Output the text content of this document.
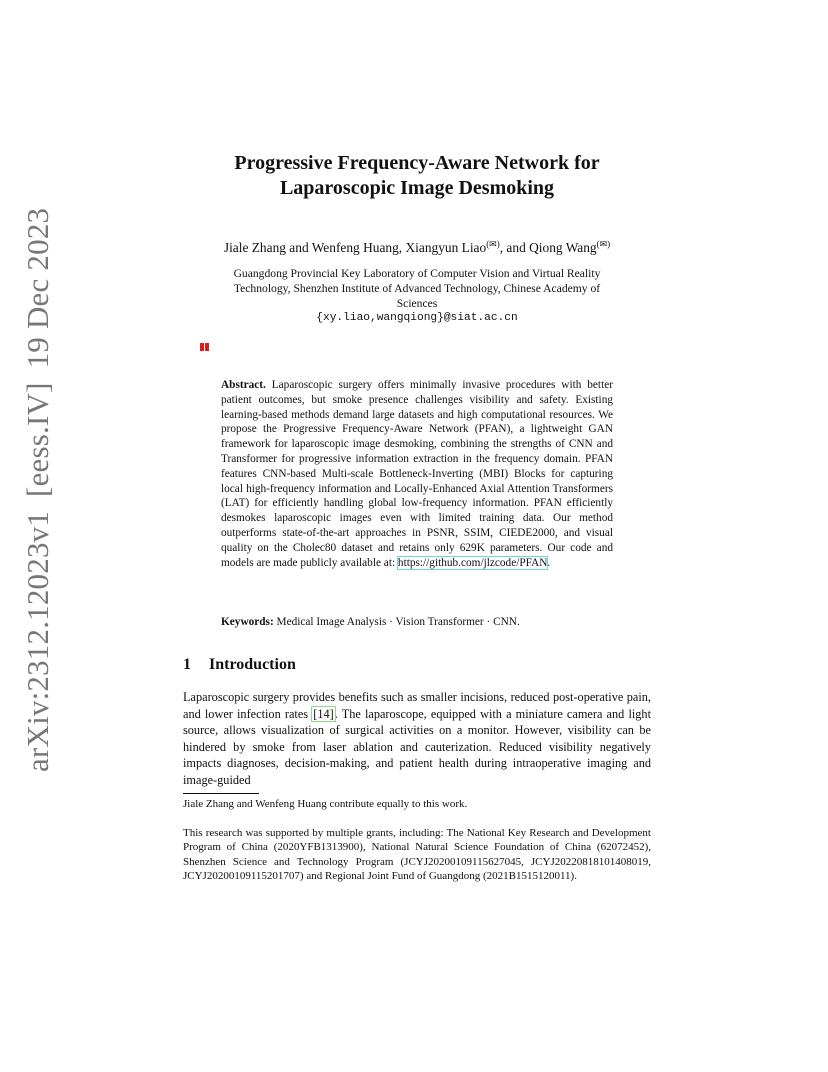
arXiv:2312.12023v1[eess.IV]19 Dec 2023
Progressive Frequency-Aware Network for
Laparoscopic Image Desmoking
Jiale Zhang and Wenfeng Huang, Xiangyun Liao(✉), and Qiong Wang(✉)
Guangdong Provincial Key Laboratory of Computer Vision and Virtual Reality
Technology, Shenzhen Institute of Advanced Technology, Chinese Academy of
Sciences
{xy.liao,wangqiong}@siat.ac.cn
Abstract. Laparoscopic surgery offers minimally invasive procedures with better patient outcomes, but smoke presence challenges visibility and safety. Existing learning-based methods demand large datasets and high computational resources. We propose the Progressive Frequency-Aware Network (PFAN), a lightweight GAN framework for laparoscopic image desmoking, combining the strengths of CNN and Transformer for progressive information extraction in the frequency domain. PFAN features CNN-based Multi-scale Bottleneck-Inverting (MBI) Blocks for capturing local high-frequency information and Locally-Enhanced Axial Attention Transformers (LAT) for efficiently handling global low-frequency information. PFAN efficiently desmokes laparoscopic images even with limited training data. Our method outperforms state-of-the-art approaches in PSNR, SSIM, CIEDE2000, and visual quality on the Cholec80 dataset and retains only 629K parameters. Our code and models are made publicly available at: https://github.com/jlzcode/PFAN.
Keywords: Medical Image Analysis · Vision Transformer · CNN.
1 Introduction
Laparoscopic surgery provides benefits such as smaller incisions, reduced post-operative pain, and lower infection rates [14]. The laparoscope, equipped with a miniature camera and light source, allows visualization of surgical activities on a monitor. However, visibility can be hindered by smoke from laser ablation and cauterization. Reduced visibility negatively impacts diagnoses, decision-making, and patient health during intraoperative imaging and image-guided
Jiale Zhang and Wenfeng Huang contribute equally to this work.
This research was supported by multiple grants, including: The National Key Research and Development Program of China (2020YFB1313900), National Natural Science Foundation of China (62072452), Shenzhen Science and Technology Program (JCYJ20200109115627045, JCYJ20220818101408019, JCYJ20200109115201707) and Regional Joint Fund of Guangdong (2021B1515120011).
